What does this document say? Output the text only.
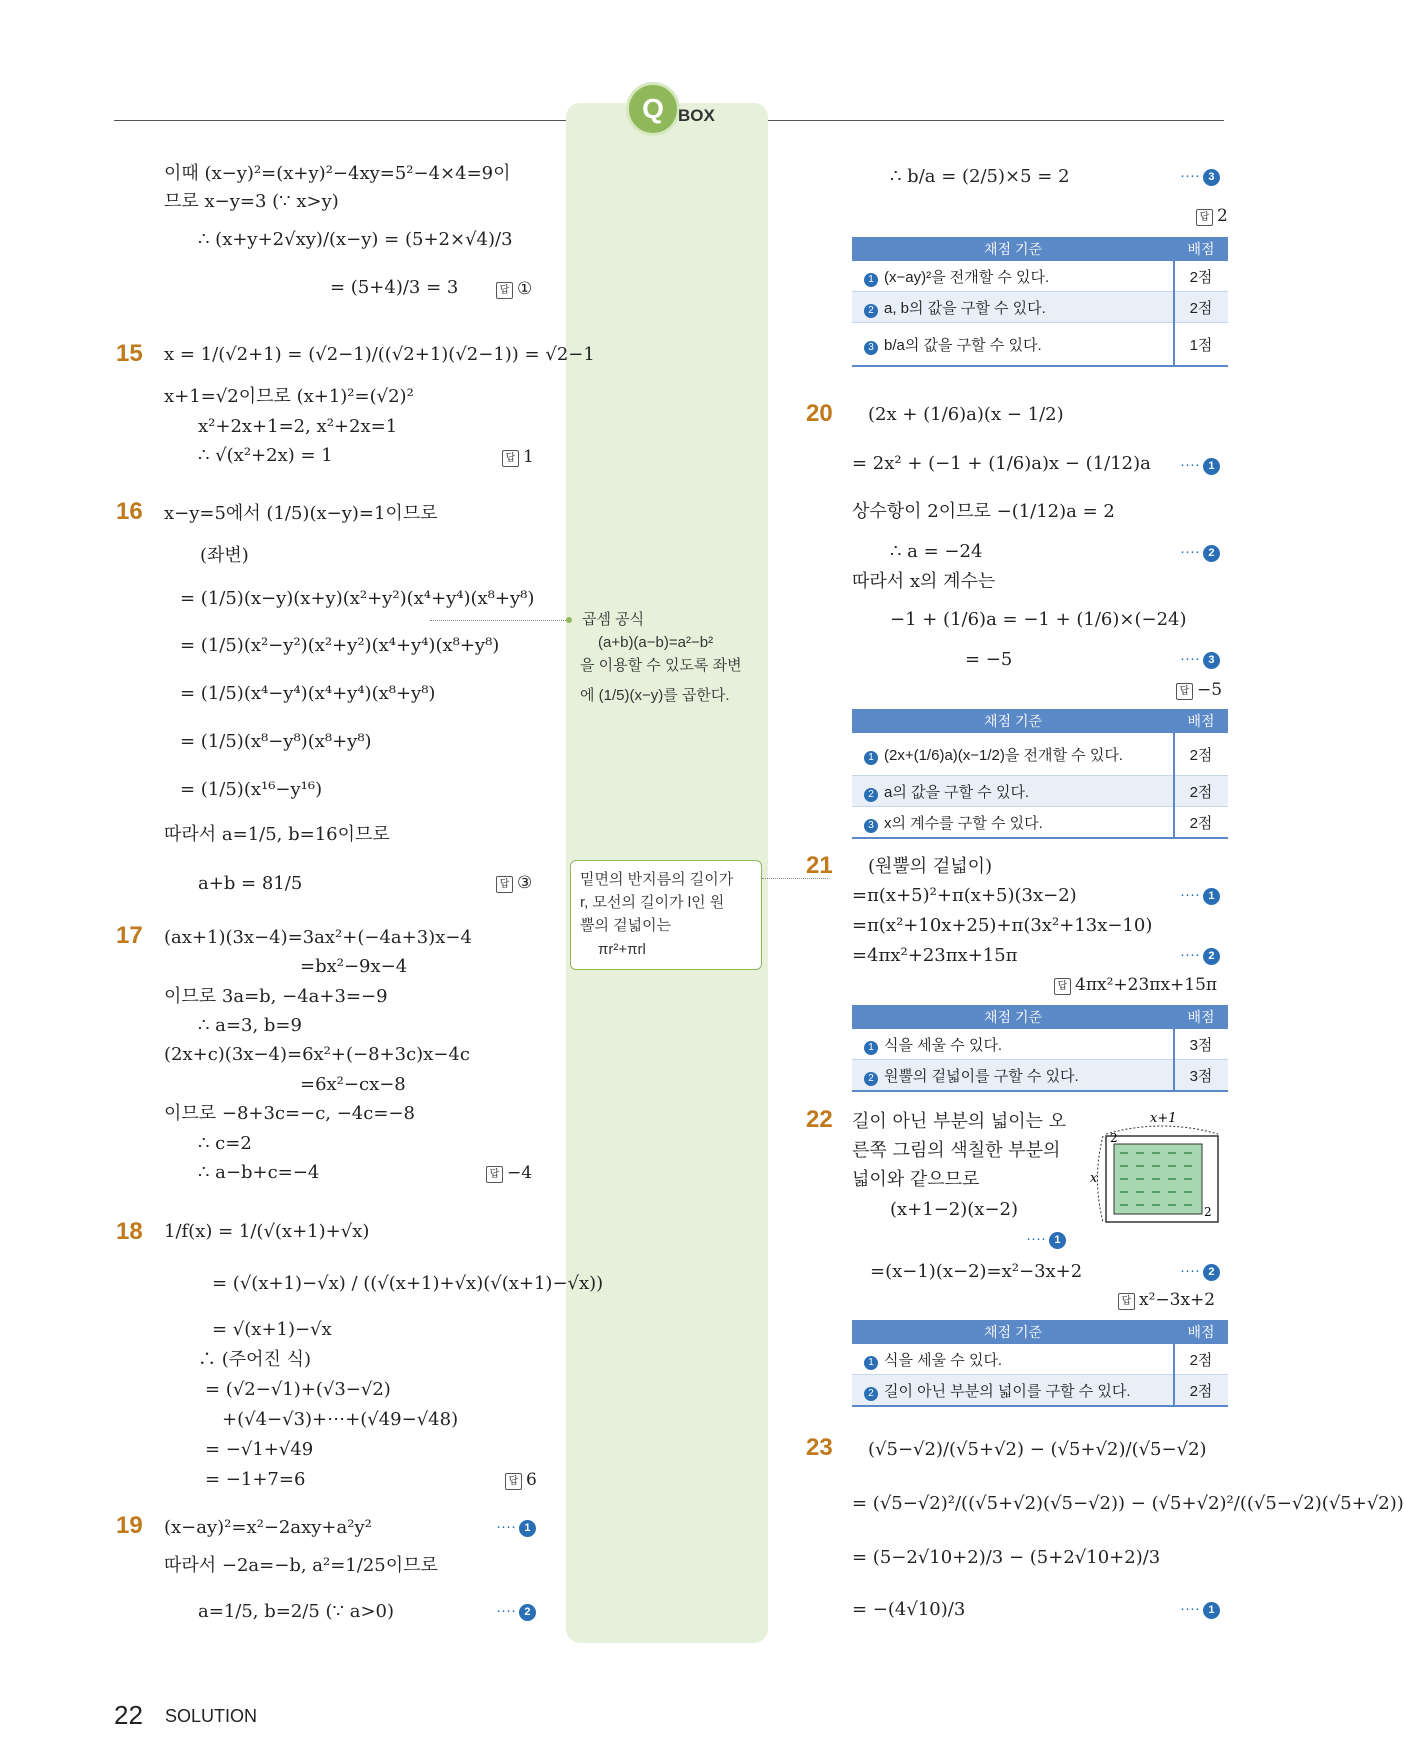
Q BOX
이때 (x−y)²=(x+y)²−4xy=5²−4×4=9이
므로 x−y=3 (∵ x>y)
∴ (x+y+2√xy)/(x−y) = (5+2×√4)/3
= (5+4)/3 = 3	답 ①
15 x = 1/(√2+1) = (√2−1)/((√2+1)(√2−1)) = √2−1
x+1=√2이므로 (x+1)²=(√2)²
x²+2x+1=2, x²+2x=1
∴ √(x²+2x) = 1	답 1
16 x−y=5에서 (1/5)(x−y)=1이므로
(좌변)
= (1/5)(x−y)(x+y)(x²+y²)(x⁴+y⁴)(x⁸+y⁸)
= (1/5)(x²−y²)(x²+y²)(x⁴+y⁴)(x⁸+y⁸)
= (1/5)(x⁴−y⁴)(x⁴+y⁴)(x⁸+y⁸)
= (1/5)(x⁸−y⁸)(x⁸+y⁸)
= (1/5)(x¹⁶−y¹⁶)
따라서 a=1/5, b=16이므로
a+b = 81/5	답 ③
17 (ax+1)(3x−4)=3ax²+(−4a+3)x−4
=bx²−9x−4
이므로 3a=b, −4a+3=−9
∴ a=3, b=9
(2x+c)(3x−4)=6x²+(−8+3c)x−4c
=6x²−cx−8
이므로 −8+3c=−c, −4c=−8
∴ c=2
∴ a−b+c=−4	답 −4
18 1/f(x) = 1/(√(x+1)+√x)
= (√(x+1)−√x) / ((√(x+1)+√x)(√(x+1)−√x))
= √(x+1)−√x
∴ (주어진 식)
= (√2−√1)+(√3−√2)
+(√4−√3)+⋯+(√49−√48)
= −√1+√49
= −1+7=6	답 6
19 (x−ay)²=x²−2axy+a²y²	···· 1
따라서 −2a=−b, a²=1/25이므로
a=1/5, b=2/5 (∵ a>0)	···· 2
곱셈 공식
(a+b)(a−b)=a²−b²
을 이용할 수 있도록 좌변
에 (1/5)(x−y)를 곱한다.
밑면의 반지름의 길이가
r, 모선의 길이가 l인 원
뿔의 겉넓이는
πr²+πrl
∴ b/a = (2/5)×5 = 2	···· 3
답 2
채점 기준	배점
1 (x−ay)²을 전개할 수 있다.	2점
2 a, b의 값을 구할 수 있다.	2점
3 b/a의 값을 구할 수 있다.	1점
20 (2x + (1/6)a)(x − 1/2)
= 2x² + (−1 + (1/6)a)x − (1/12)a ···· 1
상수항이 2이므로 −(1/12)a = 2
∴ a = −24	···· 2
따라서 x의 계수는
−1 + (1/6)a = −1 + (1/6)×(−24)
= −5	···· 3
답 −5
채점 기준	배점
1 (2x+(1/6)a)(x−1/2)을 전개할 수 있다.	2점
2 a의 값을 구할 수 있다.	2점
3 x의 계수를 구할 수 있다.	2점
21 (원뿔의 겉넓이)
=π(x+5)²+π(x+5)(3x−2)	···· 1
=π(x²+10x+25)+π(3x²+13x−10)
=4πx²+23πx+15π	···· 2
답 4πx²+23πx+15π
채점 기준	배점
1 식을 세울 수 있다.	3점
2 원뿔의 겉넓이를 구할 수 있다.	3점
22 길이 아닌 부분의 넓이는 오
른쪽 그림의 색칠한 부분의
넓이와 같으므로
(x+1−2)(x−2)
···· 1
=(x−1)(x−2)=x²−3x+2	···· 2
답 x²−3x+2
x+1
x
2
2
채점 기준	배점
1 식을 세울 수 있다.	2점
2 길이 아닌 부분의 넓이를 구할 수 있다.	2점
23 (√5−√2)/(√5+√2) − (√5+√2)/(√5−√2)
= (√5−√2)²/((√5+√2)(√5−√2)) − (√5+√2)²/((√5−√2)(√5+√2))
= (5−2√10+2)/3 − (5+2√10+2)/3
= −(4√10)/3	···· 1
22 SOLUTION
